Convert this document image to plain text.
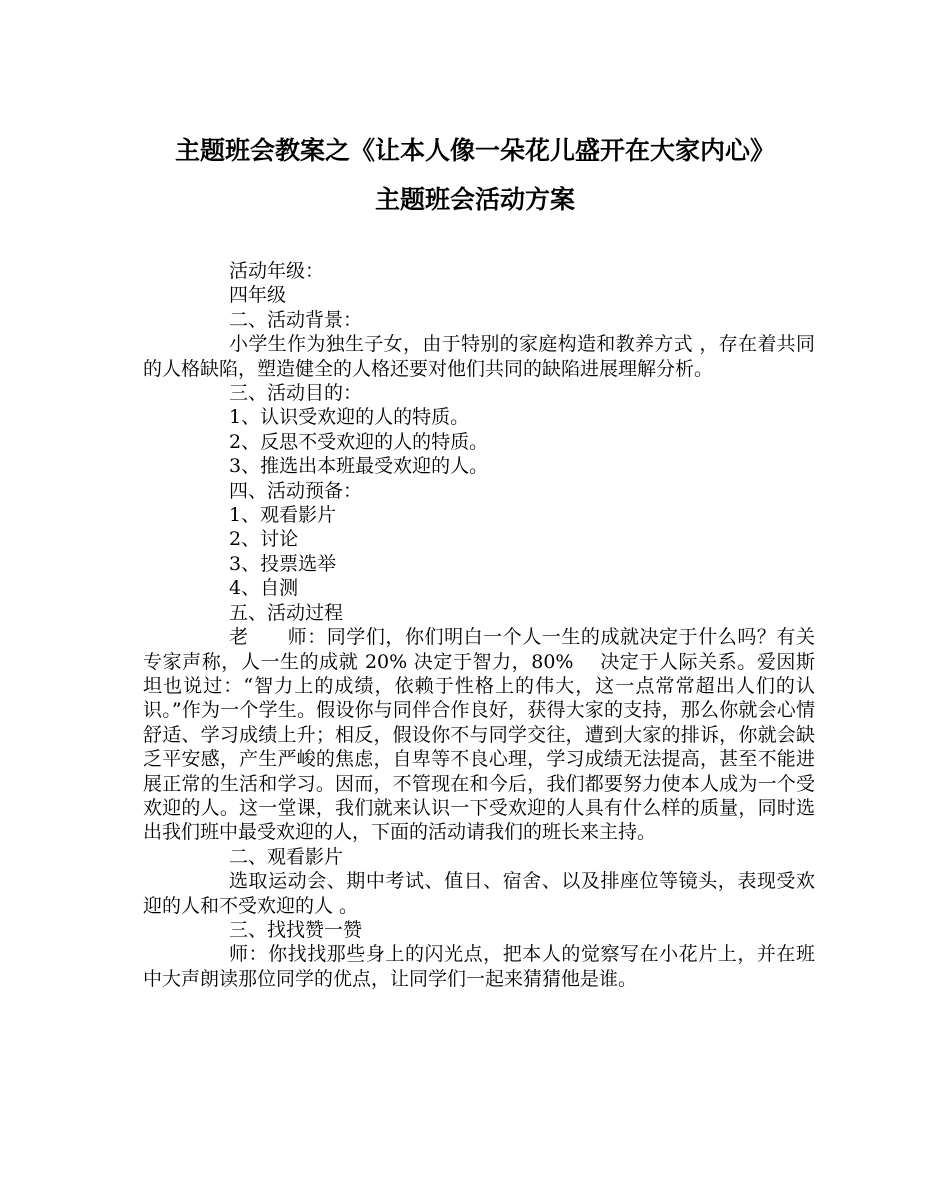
主题班会教案之《让本人像一朵花儿盛开在大家内心》
主题班会活动方案

活动年级：

四年级

二、活动背景：

小学生作为独生子女，由于特别的家庭构造和教养方式 ，存在着共同的人格缺陷，塑造健全的人格还要对他们共同的缺陷进展理解分析。

三、活动目的：

1、认识受欢迎的人的特质。

2、反思不受欢迎的人的特质。

3、推选出本班最受欢迎的人。

四、活动预备：

1、观看影片

2、讨论

3、投票选举

4、自测

五、活动过程

老　　师：同学们，你们明白一个人一生的成就决定于什么吗？有关专家声称，人一生的成就 20% 决定于智力，80%　 决定于人际关系。爱因斯坦也说过：“智力上的成绩，依赖于性格上的伟大，这一点常常超出人们的认识。”作为一个学生。假设你与同伴合作良好，获得大家的支持，那么你就会心情舒适、学习成绩上升；相反，假设你不与同学交往，遭到大家的排诉，你就会缺乏平安感，产生严峻的焦虑，自卑等不良心理，学习成绩无法提高，甚至不能进展正常的生活和学习。因而，不管现在和今后，我们都要努力使本人成为一个受欢迎的人。这一堂课，我们就来认识一下受欢迎的人具有什么样的质量，同时选出我们班中最受欢迎的人，下面的活动请我们的班长来主持。

二、观看影片

选取运动会、期中考试、值日、宿舍、以及排座位等镜头，表现受欢迎的人和不受欢迎的人 。

三、找找赞一赞

师：你找找那些身上的闪光点，把本人的觉察写在小花片上，并在班中大声朗读那位同学的优点，让同学们一起来猜猜他是谁。
